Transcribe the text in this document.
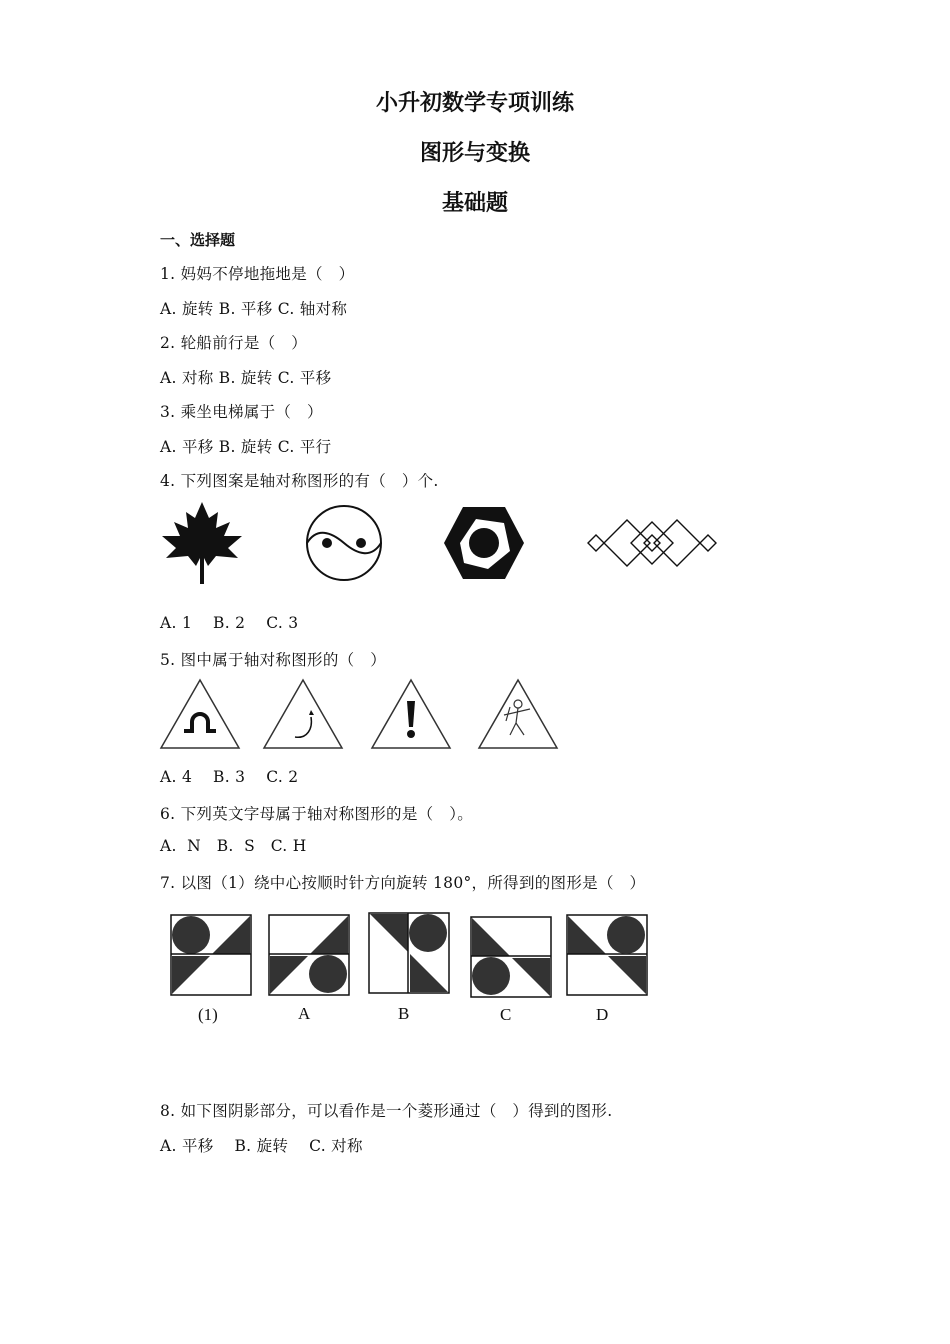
小升初数学专项训练
图形与变换
基础题
一、选择题
1. 妈妈不停地拖地是（　）
A. 旋转 B. 平移 C. 轴对称
2. 轮船前行是（　）
A. 对称 B. 旋转 C. 平移
3. 乘坐电梯属于（　）
A. 平移 B. 旋转 C. 平行
4. 下列图案是轴对称图形的有（　）个.
A. 1    B. 2    C. 3
5. 图中属于轴对称图形的（　）
A. 4    B. 3    C. 2
6. 下列英文字母属于轴对称图形的是（　）。
A.  N   B.  S   C. H
7. 以图（1）绕中心按顺时针方向旋转 180°，所得到的图形是（　）
(1)	A	B	C	D
8. 如下图阴影部分，可以看作是一个菱形通过（　）得到的图形.
A. 平移    B. 旋转    C. 对称
